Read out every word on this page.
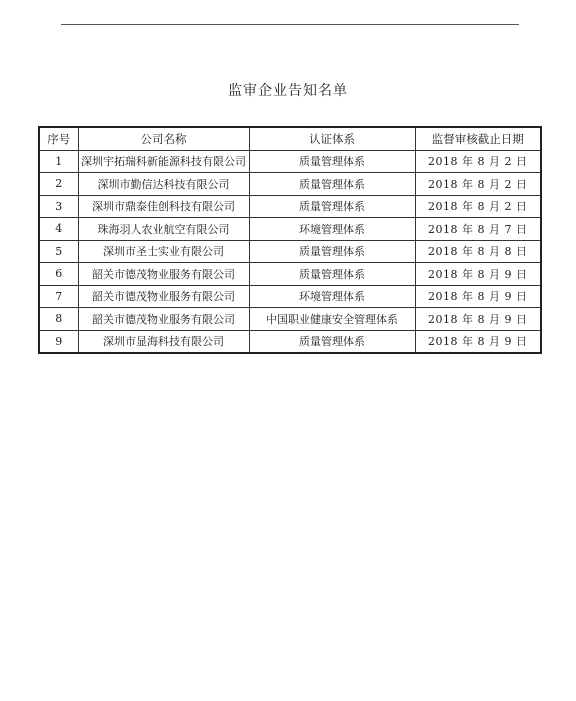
监审企业告知名单
序号	公司名称	认证体系	监督审核截止日期
1	深圳宇拓瑞科新能源科技有限公司	质量管理体系	2018 年 8 月 2 日
2	深圳市勤信达科技有限公司	质量管理体系	2018 年 8 月 2 日
3	深圳市鼎泰佳创科技有限公司	质量管理体系	2018 年 8 月 2 日
4	珠海羽人农业航空有限公司	环境管理体系	2018 年 8 月 7 日
5	深圳市圣士实业有限公司	质量管理体系	2018 年 8 月 8 日
6	韶关市德茂物业服务有限公司	质量管理体系	2018 年 8 月 9 日
7	韶关市德茂物业服务有限公司	环境管理体系	2018 年 8 月 9 日
8	韶关市德茂物业服务有限公司	中国职业健康安全管理体系	2018 年 8 月 9 日
9	深圳市显海科技有限公司	质量管理体系	2018 年 8 月 9 日
